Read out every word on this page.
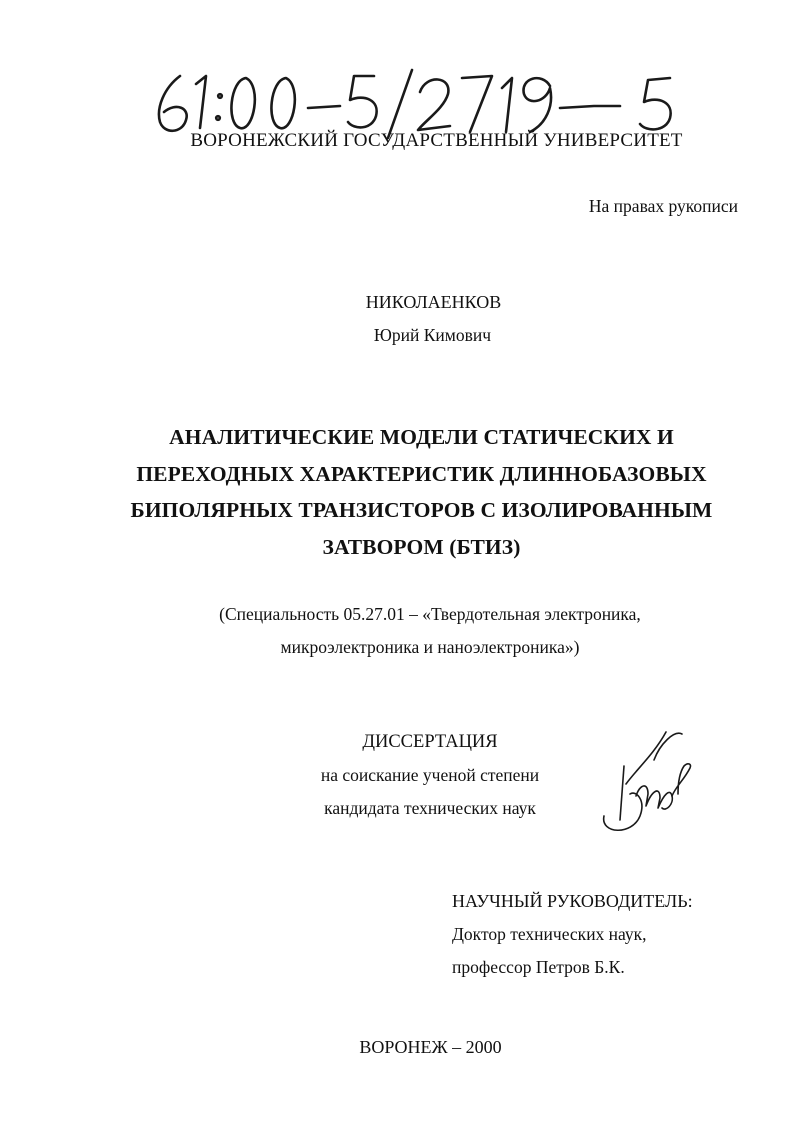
ВОРОНЕЖСКИЙ ГОСУДАРСТВЕННЫЙ УНИВЕРСИТЕТ
На правах рукописи
НИКОЛАЕНКОВ
Юрий Кимович
АНАЛИТИЧЕСКИЕ МОДЕЛИ СТАТИЧЕСКИХ И
ПЕРЕХОДНЫХ ХАРАКТЕРИСТИК ДЛИННОБАЗОВЫХ
БИПОЛЯРНЫХ ТРАНЗИСТОРОВ С ИЗОЛИРОВАННЫМ
ЗАТВОРОМ (БТИЗ)
(Специальность 05.27.01 – «Твердотельная электроника,
микроэлектроника и наноэлектроника»)
ДИССЕРТАЦИЯ
на соискание ученой степени
кандидата технических наук
НАУЧНЫЙ РУКОВОДИТЕЛЬ:
Доктор технических наук,
профессор Петров Б.К.
ВОРОНЕЖ – 2000
